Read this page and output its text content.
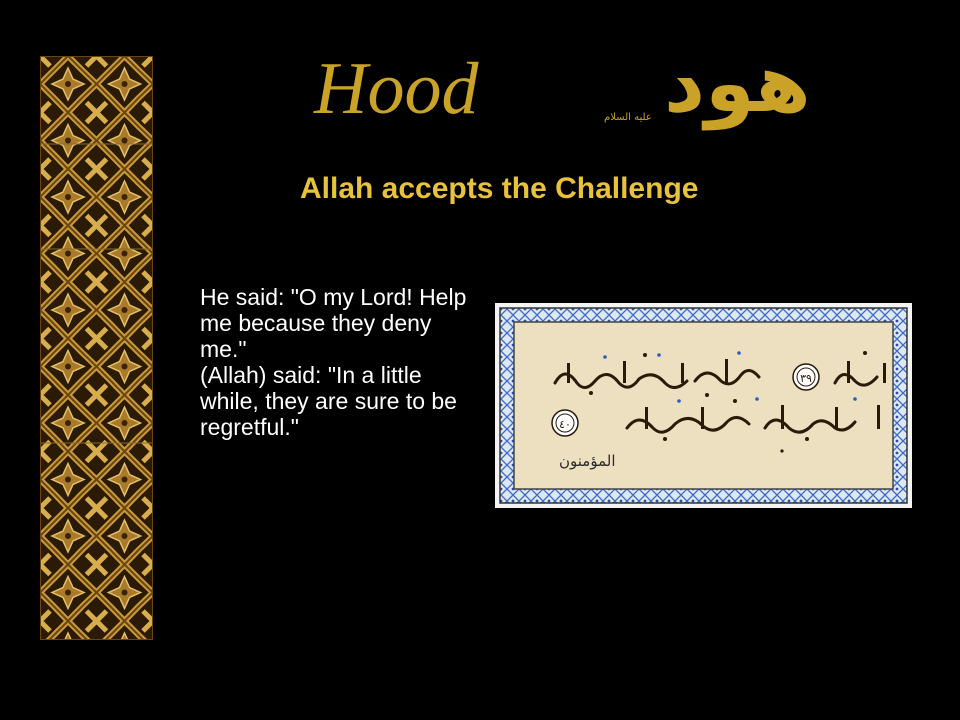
Hood	عليه السلام هود
Allah accepts the Challenge

He said: "O my Lord! Help me because they deny me."

(Allah) said: "In a little while, they are sure to be regretful."

٣٩
٤٠
المؤمنون
